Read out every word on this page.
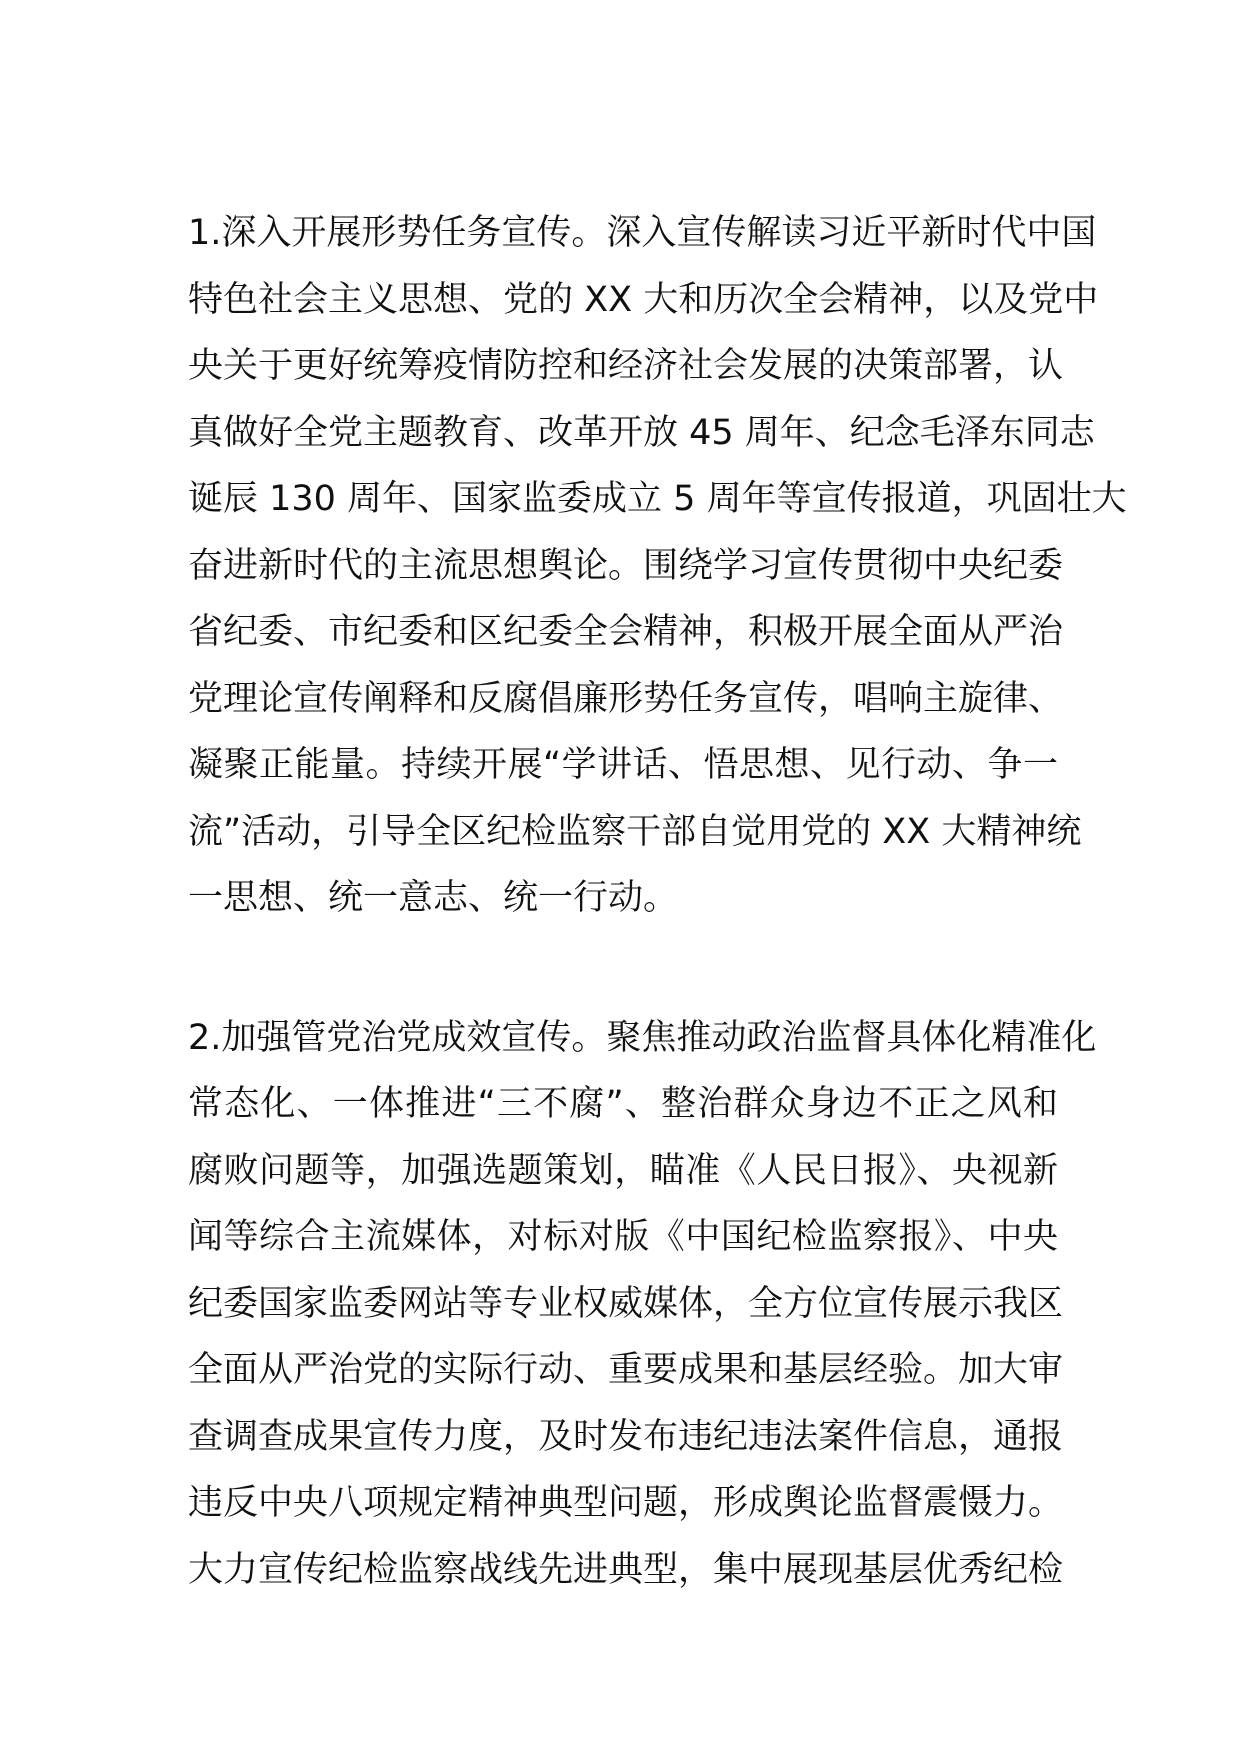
1.深入开展形势任务宣传。深入宣传解读习近平新时代中国
特色社会主义思想、党的 XX 大和历次全会精神，以及党中
央关于更好统筹疫情防控和经济社会发展的决策部署，认
真做好全党主题教育、改革开放 45 周年、纪念毛泽东同志
诞辰 130 周年、国家监委成立 5 周年等宣传报道，巩固壮大
奋进新时代的主流思想舆论。围绕学习宣传贯彻中央纪委
省纪委、市纪委和区纪委全会精神，积极开展全面从严治
党理论宣传阐释和反腐倡廉形势任务宣传，唱响主旋律、
凝聚正能量。持续开展“学讲话、悟思想、见行动、争一
流”活动，引导全区纪检监察干部自觉用党的 XX 大精神统
一思想、统一意志、统一行动。
2.加强管党治党成效宣传。聚焦推动政治监督具体化精准化
常态化、一体推进“三不腐”、整治群众身边不正之风和
腐败问题等，加强选题策划，瞄准《人民日报》、央视新
闻等综合主流媒体，对标对版《中国纪检监察报》、中央
纪委国家监委网站等专业权威媒体，全方位宣传展示我区
全面从严治党的实际行动、重要成果和基层经验。加大审
查调查成果宣传力度，及时发布违纪违法案件信息，通报
违反中央八项规定精神典型问题，形成舆论监督震慑力。
大力宣传纪检监察战线先进典型，集中展现基层优秀纪检
